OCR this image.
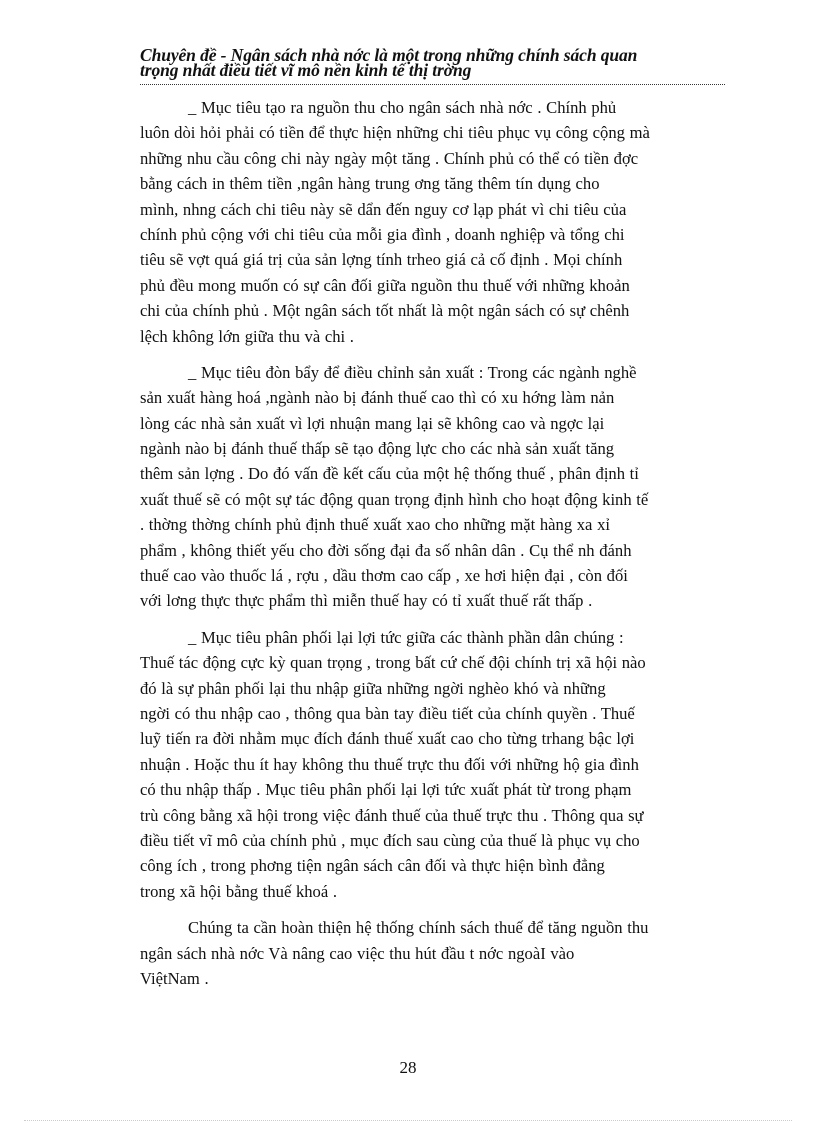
Chuyên đề - Ngân sách nhà nớc là một trong những chính sách quan
trọng nhất điều tiết vĩ mô nền kinh tế thị trờng
_ Mục tiêu tạo ra nguồn thu cho ngân sách nhà nớc . Chính phủ
luôn dòi hỏi phải có tiền để thực hiện những chi tiêu phục vụ công cộng mà
những nhu cầu công chi này ngày một tăng . Chính phủ có thể có tiền đợc
bằng cách in thêm tiền ,ngân hàng trung ơng tăng thêm tín dụng cho
mình, nhng cách chi tiêu này sẽ dẩn đến nguy cơ lạp phát vì chi tiêu của
chính phủ cộng với chi tiêu của mỗi gia đình , doanh nghiệp và tổng chi
tiêu sẽ vợt quá giá trị của sản lợng tính trheo giá cả cố định . Mọi chính
phủ đều mong muốn có sự cân đối giữa nguồn thu thuế với những khoản
chi của chính phủ . Một ngân sách tốt nhất là một ngân sách có sự chênh
lệch không lớn giữa thu và chi .
_ Mục tiêu đòn bẩy để điều chỉnh sản xuất : Trong các ngành nghề
sản xuất hàng hoá ,ngành nào bị đánh thuế cao thì có xu hớng làm nản
lòng các nhà sản xuất vì lợi nhuận mang lại sẽ không cao và ngợc lại
ngành nào bị đánh thuế thấp sẽ tạo động lực cho các nhà sản xuất tăng
thêm sản lợng . Do đó vấn đề kết cấu của một hệ thống thuế , phân định tỉ
xuất thuế sẽ có một sự tác động quan trọng định hình cho hoạt động kinh tế
. thờng thờng chính phủ định thuế xuất xao cho những mặt hàng xa xỉ
phẩm , không thiết yếu cho đời sống đại đa số nhân dân . Cụ thể nh đánh
thuế cao vào thuốc lá , rợu , dầu thơm cao cấp , xe hơi hiện đại , còn đối
với lơng thực thực phẩm thì miễn thuế hay có tỉ xuất thuế rất thấp .
_ Mục tiêu phân phối lại lợi tức giữa các thành phần dân chúng :
Thuế tác động cực kỳ quan trọng , trong bất cứ chế đội chính trị xã hội nào
đó là sự phân phối lại thu nhập giữa những ngời nghèo khó và những
ngời có thu nhập cao , thông qua bàn tay điều tiết của chính quyền . Thuế
luỹ tiến ra đời nhằm mục đích đánh thuế xuất cao cho từng trhang bậc lợi
nhuận . Hoặc thu ít hay không thu thuế trực thu đối với những hộ gia đình
có thu nhập thấp . Mục tiêu phân phối lại lợi tức xuất phát từ trong phạm
trù công bằng xã hội trong việc đánh thuế của thuế trực thu . Thông qua sự
điều tiết vĩ mô của chính phủ , mục đích sau cùng của thuế là phục vụ cho
công ích , trong phơng tiện ngân sách cân đối và thực hiện bình đẳng
trong xã hội bằng thuế khoá .
Chúng ta cần hoàn thiện hệ thống chính sách thuế để tăng nguồn thu
ngân sách nhà nớc Và nâng cao việc thu hút đầu t nớc ngoàI vào
ViệtNam .

28
